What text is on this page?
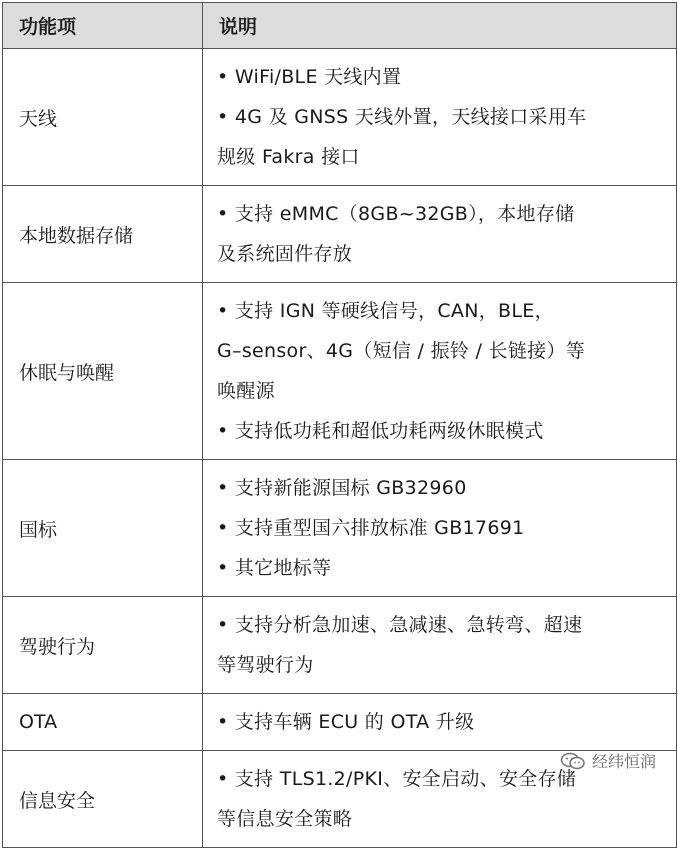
功能项	说明
天线	• WiFi/BLE 天线内置
• 4G 及 GNSS 天线外置，天线接口采用车
规级 Fakra 接口

本地数据存储	• 支持 eMMC（8GB~32GB），本地存储
及系统固件存放

休眠与唤醒	• 支持 IGN 等硬线信号，CAN，BLE，
G–sensor、4G（短信 / 振铃 / 长链接）等
唤醒源
• 支持低功耗和超低功耗两级休眠模式

国标	• 支持新能源国标 GB32960
• 支持重型国六排放标准 GB17691
• 其它地标等

驾驶行为	• 支持分析急加速、急减速、急转弯、超速
等驾驶行为

OTA	• 支持车辆 ECU 的 OTA 升级

信息安全	• 支持 TLS1.2/PKI、安全启动、安全存储
等信息安全策略
经纬恒润
